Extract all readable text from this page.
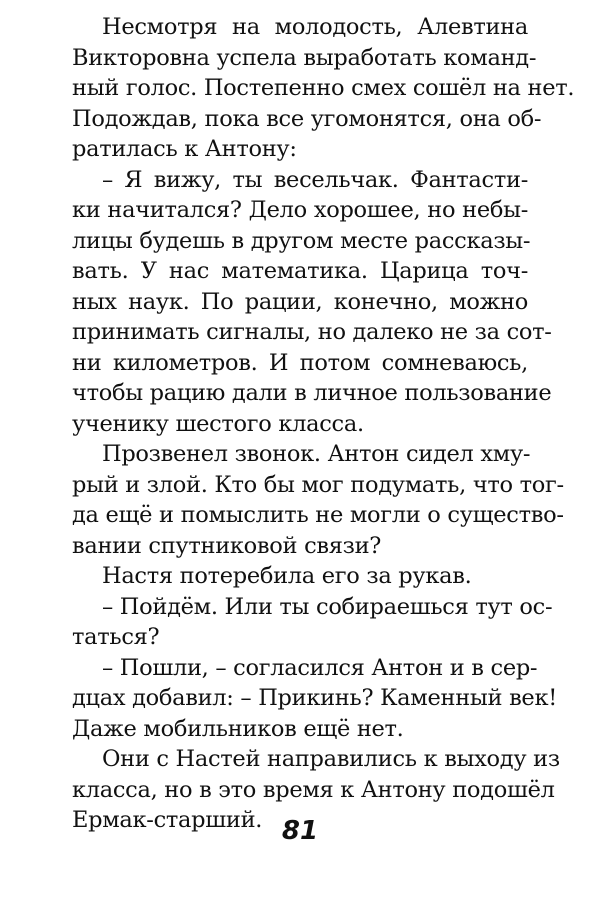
Несмотря на молодость, Алевтина
Викторовна успела выработать команд-
ный голос. Постепенно смех сошёл на нет.
Подождав, пока все угомонятся, она об-
ратилась к Антону:
– Я вижу, ты весельчак. Фантасти-
ки начитался? Дело хорошее, но небы-
лицы будешь в другом месте рассказы-
вать. У нас математика. Царица точ-
ных наук. По рации, конечно, можно
принимать сигналы, но далеко не за сот-
ни километров. И потом сомневаюсь,
чтобы рацию дали в личное пользование
ученику шестого класса.
Прозвенел звонок. Антон сидел хму-
рый и злой. Кто бы мог подумать, что тог-
да ещё и помыслить не могли о существо-
вании спутниковой связи?
Настя потеребила его за рукав.
– Пойдём. Или ты собираешься тут ос-
таться?
– Пошли, – согласился Антон и в сер-
дцах добавил: – Прикинь? Каменный век!
Даже мобильников ещё нет.
Они с Настей направились к выходу из
класса, но в это время к Антону подошёл
Ермак-старший. 81
